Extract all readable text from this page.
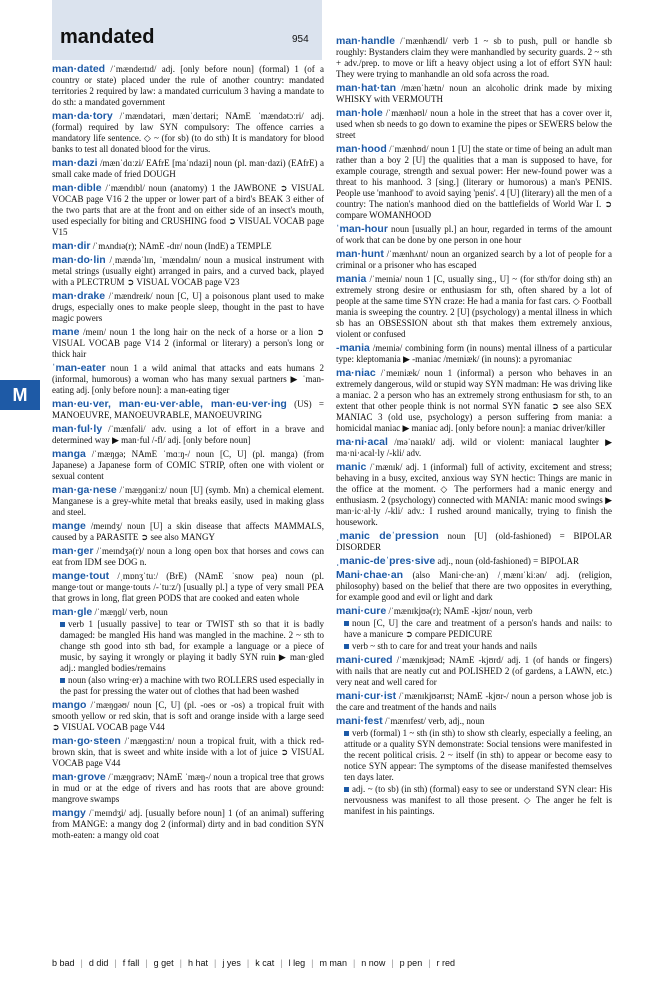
mandated	954
M
man·dated /ˈmændeɪtɪd/ adj. [only before noun] (formal) 1 (of a country or state) placed under the rule of another country: mandated territories 2 required by law: a mandated curriculum 3 having a mandate to do sth: a mandated government
man·da·tory /ˈmændətəri, mænˈdeɪtəri; NAmE ˈmændətɔːri/ adj. (formal) required by law SYN compulsory: The offence carries a mandatory life sentence. ◇ ~ (for sb) (to do sth) It is mandatory for blood banks to test all donated blood for the virus.
man·dazi /mænˈdɑːzi/ EAfrE [maˈndazi] noun (pl. man·dazi) (EAfrE) a small cake made of fried DOUGH
man·dible /ˈmændɪbl/ noun (anatomy) 1 the JAWBONE ➲ VISUAL VOCAB page V16 2 the upper or lower part of a bird's BEAK 3 either of the two parts that are at the front and on either side of an insect's mouth, used especially for biting and CRUSHING food ➲ VISUAL VOCAB page V15
man·dir /ˈmʌndɪə(r); NAmE -dɪr/ noun (IndE) a TEMPLE
man·do·lin /ˌmændəˈlɪn, ˈmændəlɪn/ noun a musical instrument with metal strings (usually eight) arranged in pairs, and a curved back, played with a PLECTRUM ➲ VISUAL VOCAB page V23
man·drake /ˈmændreɪk/ noun [C, U] a poisonous plant used to make drugs, especially ones to make people sleep, thought in the past to have magic powers
mane /meɪn/ noun 1 the long hair on the neck of a horse or a lion ➲ VISUAL VOCAB page V14 2 (informal or literary) a person's long or thick hair
ˈman-eater noun 1 a wild animal that attacks and eats humans 2 (informal, humorous) a woman who has many sexual partners ▶ ˈman-eating adj. [only before noun]: a man-eating tiger
man·eu·ver, man·eu·ver·able, man·eu·ver·ing (US) = MANOEUVRE, MANOEUVRABLE, MANOEUVRING
man·ful·ly /ˈmænfəli/ adv. using a lot of effort in a brave and determined way ▶ man·ful /-fl/ adj. [only before noun]
manga /ˈmæŋɡə; NAmE ˈmɑːŋ-/ noun [C, U] (pl. manga) (from Japanese) a Japanese form of COMIC STRIP, often one with violent or sexual content
man·ga·nese /ˈmæŋɡəniːz/ noun [U] (symb. Mn) a chemical element. Manganese is a grey-white metal that breaks easily, used in making glass and steel.
mange /meɪndʒ/ noun [U] a skin disease that affects MAMMALS, caused by a PARASITE ➲ see also MANGY
man·ger /ˈmeɪndʒə(r)/ noun a long open box that horses and cows can eat from IDM see DOG n.
mange·tout /ˌmɒnʒˈtuː/ (BrE) (NAmE ˈsnow pea) noun (pl. mange·tout or mange·touts /-ˈtuːz/) [usually pl.] a type of very small PEA that grows in long, flat green PODS that are cooked and eaten whole
man·gle /ˈmæŋɡl/ verb, noun
verb 1 [usually passive] to tear or TWIST sth so that it is badly damaged: be mangled His hand was mangled in the machine. 2 ~ sth to change sth good into sth bad, for example a language or a piece of music, by saying it wrongly or playing it badly SYN ruin ▶ man·gled adj.: mangled bodies/remains
noun (also wring·er) a machine with two ROLLERS used especially in the past for pressing the water out of clothes that had been washed
mango /ˈmæŋɡəʊ/ noun [C, U] (pl. -oes or -os) a tropical fruit with smooth yellow or red skin, that is soft and orange inside with a large seed ➲ VISUAL VOCAB page V44
man·go·steen /ˈmæŋɡəstiːn/ noun a tropical fruit, with a thick red-brown skin, that is sweet and white inside with a lot of juice ➲ VISUAL VOCAB page V44
man·grove /ˈmæŋɡrəʊv; NAmE ˈmæŋ-/ noun a tropical tree that grows in mud or at the edge of rivers and has roots that are above ground: mangrove swamps
mangy /ˈmeɪndʒi/ adj. [usually before noun] 1 (of an animal) suffering from MANGE: a mangy dog 2 (informal) dirty and in bad condition SYN moth-eaten: a mangy old coat
man·handle /ˈmænhændl/ verb 1 ~ sb to push, pull or handle sb roughly: Bystanders claim they were manhandled by security guards. 2 ~ sth + adv./prep. to move or lift a heavy object using a lot of effort SYN haul: They were trying to manhandle an old sofa across the road.
man·hat·tan /mænˈhætn/ noun an alcoholic drink made by mixing WHISKY with VERMOUTH
man·hole /ˈmænhəʊl/ noun a hole in the street that has a cover over it, used when sb needs to go down to examine the pipes or SEWERS below the street
man·hood /ˈmænhʊd/ noun 1 [U] the state or time of being an adult man rather than a boy 2 [U] the qualities that a man is supposed to have, for example courage, strength and sexual power: Her new-found power was a threat to his manhood. 3 [sing.] (literary or humorous) a man's PENIS. People use 'manhood' to avoid saying 'penis'. 4 [U] (literary) all the men of a country: The nation's manhood died on the battlefields of World War I. ➲ compare WOMANHOOD
ˈman-hour noun [usually pl.] an hour, regarded in terms of the amount of work that can be done by one person in one hour
man·hunt /ˈmænhʌnt/ noun an organized search by a lot of people for a criminal or a prisoner who has escaped
mania /ˈmeɪniə/ noun 1 [C, usually sing., U] ~ (for sth/for doing sth) an extremely strong desire or enthusiasm for sth, often shared by a lot of people at the same time SYN craze: He had a mania for fast cars. ◇ Football mania is sweeping the country. 2 [U] (psychology) a mental illness in which sb has an OBSESSION about sth that makes them extremely anxious, violent or confused
-mania /meɪniə/ combining form (in nouns) mental illness of a particular type: kleptomania ▶ -maniac /meɪniæk/ (in nouns): a pyromaniac
ma·niac /ˈmeɪniæk/ noun 1 (informal) a person who behaves in an extremely dangerous, wild or stupid way SYN madman: He was driving like a maniac. 2 a person who has an extremely strong enthusiasm for sth, to an extent that other people think is not normal SYN fanatic ➲ see also SEX MANIAC 3 (old use, psychology) a person suffering from mania: a homicidal maniac ▶ maniac adj. [only before noun]: a maniac driver/killer
ma·ni·acal /məˈnaɪəkl/ adj. wild or violent: maniacal laughter ▶ ma·ni·acal·ly /-kli/ adv.
manic /ˈmænɪk/ adj. 1 (informal) full of activity, excitement and stress; behaving in a busy, excited, anxious way SYN hectic: Things are manic in the office at the moment. ◇ The performers had a manic energy and enthusiasm. 2 (psychology) connected with MANIA: manic mood swings ▶ man·ic·al·ly /-kli/ adv.: I rushed around manically, trying to finish the housework.
ˌmanic deˈpression noun [U] (old-fashioned) = BIPOLAR DISORDER
ˌmanic-deˈpres·sive adj., noun (old-fashioned) = BIPOLAR
Mani·chae·an (also Mani·che·an) /ˌmænɪˈkiːən/ adj. (religion, philosophy) based on the belief that there are two opposites in everything, for example good and evil or light and dark
mani·cure /ˈmænɪkjʊə(r); NAmE -kjʊr/ noun, verb
noun [C, U] the care and treatment of a person's hands and nails: to have a manicure ➲ compare PEDICURE
verb ~ sth to care for and treat your hands and nails
mani·cured /ˈmænɪkjʊəd; NAmE -kjʊrd/ adj. 1 (of hands or fingers) with nails that are neatly cut and POLISHED 2 (of gardens, a LAWN, etc.) very neat and well cared for
mani·cur·ist /ˈmænɪkjʊərɪst; NAmE -kjʊr-/ noun a person whose job is the care and treatment of the hands and nails
mani·fest /ˈmænɪfest/ verb, adj., noun
verb (formal) 1 ~ sth (in sth) to show sth clearly, especially a feeling, an attitude or a quality SYN demonstrate: Social tensions were manifested in the recent political crisis. 2 ~ itself (in sth) to appear or become easy to notice SYN appear: The symptoms of the disease manifested themselves ten days later.
adj. ~ (to sb) (in sth) (formal) easy to see or understand SYN clear: His nervousness was manifest to all those present. ◇ The anger he felt is manifest in his paintings.
b bad | d did | f fall | g get | h hat | j yes | k cat | l leg | m man | n now | p pen | r red
